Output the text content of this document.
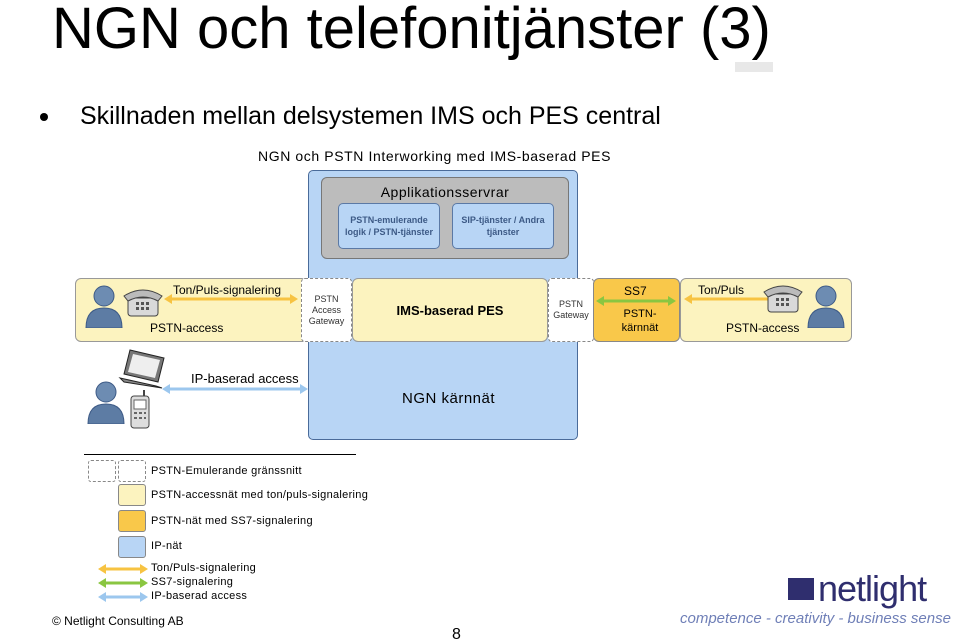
NGN och telefonitjänster (3)
Skillnaden mellan delsystemen IMS och PES central
NGN och PSTN Interworking med IMS-baserad PES
Applikationsservrar
PSTN-emulerande logik / PSTN-tjänster
SIP-tjänster / Andra tjänster
Ton/Puls-signalering
PSTN-access
PSTN Access Gateway
IMS-baserad PES	PSTN Gateway
SS7
PSTN-kärnnät
Ton/Puls
PSTN-access
IP-baserad access
NGN kärnnät
PSTN-Emulerande gränssnitt
PSTN-accessnät med ton/puls-signalering
PSTN-nät med SS7-signalering
IP-nät
Ton/Puls-signalering
SS7-signalering
IP-baserad access
© Netlight Consulting AB
8
netlight
competence - creativity - business sense
